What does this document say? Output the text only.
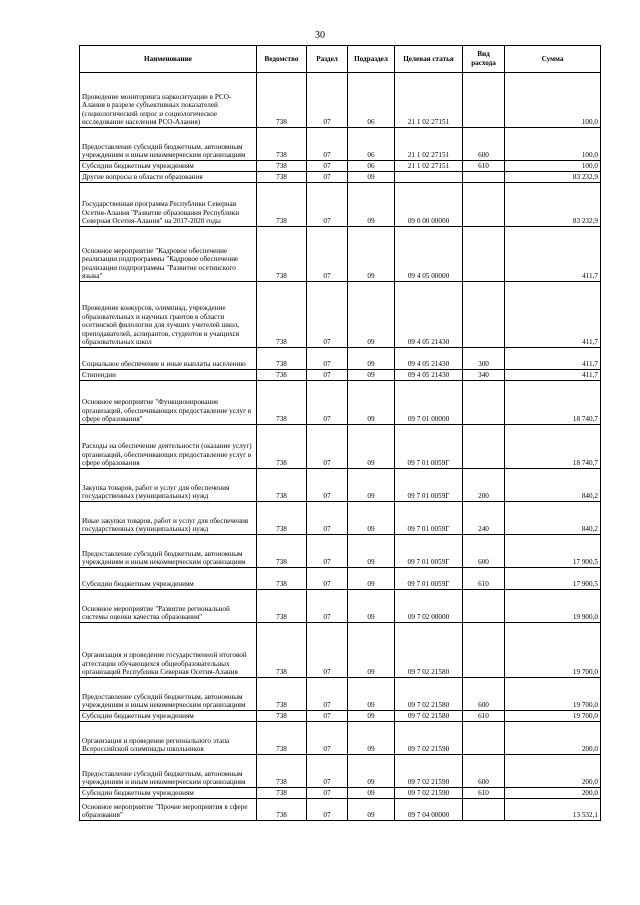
30
Наименование	Ведомство	Раздел	Подраздел	Целевая статья	Вид расхода	Сумма
Проведение мониторинга наркоситуации в РСО-Алания в разрезе субъективных показателей (социологический опрос и социологическое исследование населения РСО-Алания)	738	07	06	21 1 02 27151		100,0
Предоставление субсидий бюджетным, автономным учреждениям и иным некоммерческим организациям	738	07	06	21 1 02 27151	600	100,0
Субсидии бюджетным учреждениям	738	07	06	21 1 02 27151	610	100,0
Другие вопросы в области образования	738	07	09			83 232,9
Государственная программа Республики Северная Осетия-Алания "Развитие образования Республики Северная Осетия-Алания" на 2017-2020 годы	738	07	09	09 0 00 00000		83 232,9
Основное мероприятие "Кадровое обеспечение реализации подпрограммы "Кадровое обеспечение реализации подпрограммы "Развитие осетинского языка"	738	07	09	09 4 05 00000		411,7
Проведение конкурсов, олимпиад, учреждение образовательных и научных грантов в области осетинской филологии для лучших учителей школ, преподавателей, аспирантов, студентов и учащихся образовательных школ	738	07	09	09 4 05 21430		411,7
Социальное обеспечение и иные выплаты населению	738	07	09	09 4 05 21430	300	411,7
Стипендии	738	07	09	09 4 05 21430	340	411,7
Основное мероприятие "Функционирование организаций, обеспечивающих предоставление услуг в сфере образования"	738	07	09	09 7 01 00000		18 740,7
Расходы на обеспечение деятельности (оказание услуг) организаций, обеспечивающих предоставление услуг в сфере образования	738	07	09	09 7 01 0059Г		18 740,7
Закупка товаров, работ и услуг для обеспечения государственных (муниципальных) нужд	738	07	09	09 7 01 0059Г	200	840,2
Иные закупки товаров, работ и услуг для обеспечения государственных (муниципальных) нужд	738	07	09	09 7 01 0059Г	240	840,2
Предоставление субсидий бюджетным, автономным учреждениям и иным некоммерческим организациям	738	07	09	09 7 01 0059Г	600	17 900,5
Субсидии бюджетным учреждениям	738	07	09	09 7 01 0059Г	610	17 900,5
Основное мероприятие "Развитие региональной системы оценки качества образования"	738	07	09	09 7 02 00000		19 900,0
Организация и проведение государственной итоговой аттестации обучающихся общеобразовательных организаций Республики Северная Осетия-Алания	738	07	09	09 7 02 21580		19 700,0
Предоставление субсидий бюджетным, автономным учреждениям и иным некоммерческим организациям	738	07	09	09 7 02 21580	600	19 700,0
Субсидии бюджетным учреждениям	738	07	09	09 7 02 21580	610	19 700,0
Организация и проведение регионального этапа Всероссийской олимпиады школьников	738	07	09	09 7 02 21590		200,0
Предоставление субсидий бюджетным, автономным учреждениям и иным некоммерческим организациям	738	07	09	09 7 02 21590	600	200,0
Субсидии бюджетным учреждениям	738	07	09	09 7 02 21590	610	200,0
Основное мероприятие "Прочие мероприятия в сфере образования"	738	07	09	09 7 04 00000		13 532,1
